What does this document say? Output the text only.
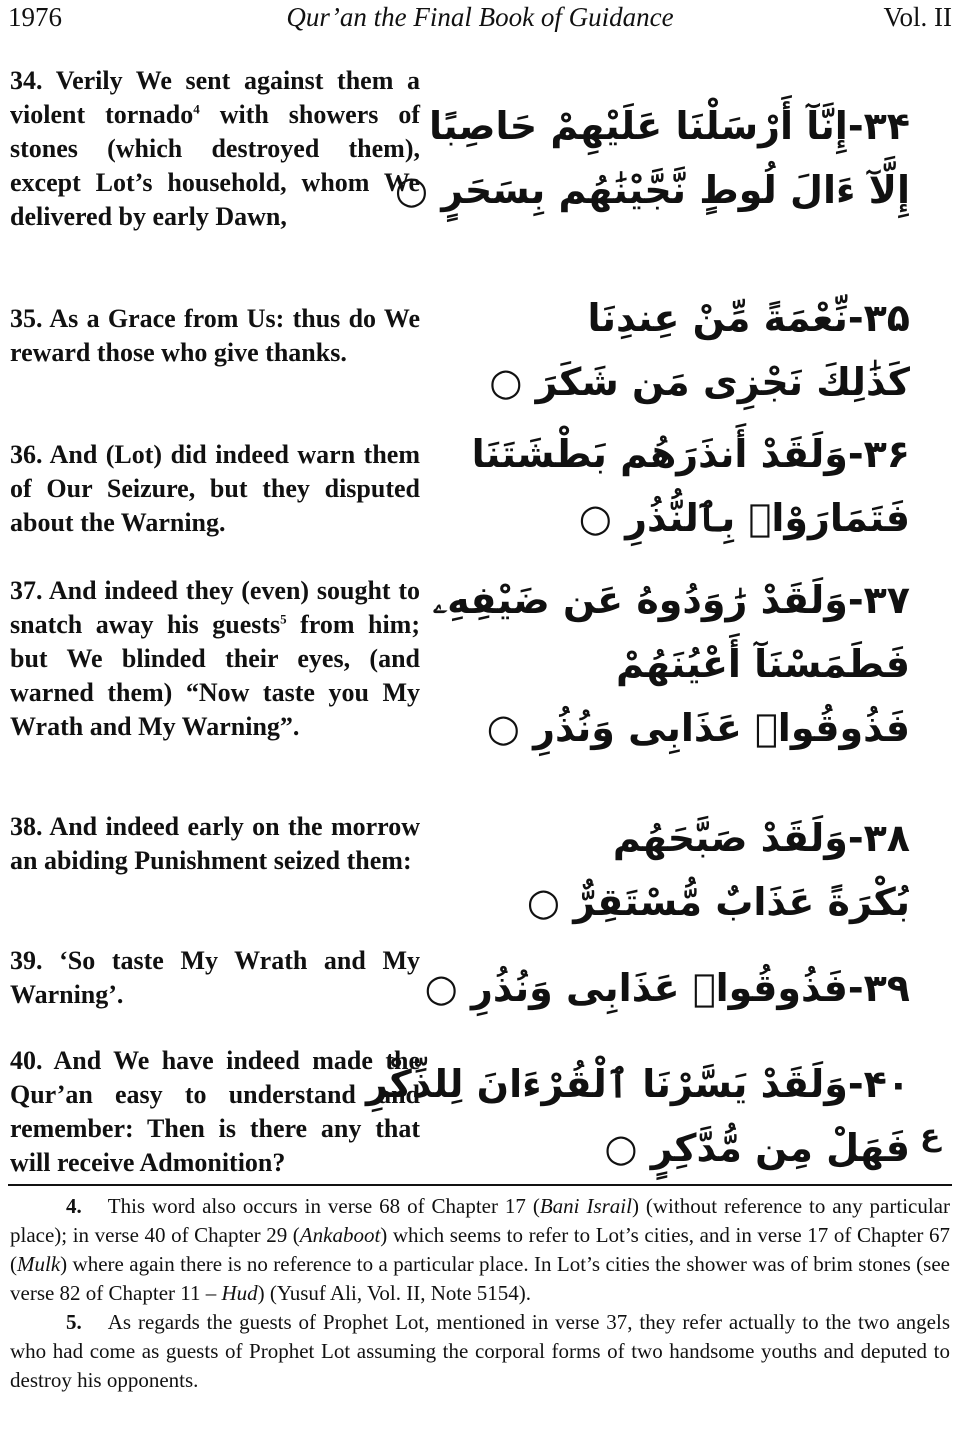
1976	Qur’an the Final Book of Guidance	Vol. II
34. Verily We sent against them a violent tornado$^4$ with showers of stones (which destroyed them), except Lot’s household, whom We delivered by early Dawn,
۳۴-إِنَّآ أَرْسَلْنَا عَلَيْهِمْ حَاصِبًا
إِلَّآ ءَالَ لُوطٍ نَّجَّيْنَٰهُم بِسَحَرٍ ○
35. As a Grace from Us: thus do We reward those who give thanks.
۳۵-نِّعْمَةً مِّنْ عِندِنَا
كَذَٰلِكَ نَجْزِى مَن شَكَرَ ○
36. And (Lot) did indeed warn them of Our Seizure, but they disputed about the Warning.
۳۶-وَلَقَدْ أَنذَرَهُم بَطْشَتَنَا
فَتَمَارَوْا۟ بِٱلنُّذُرِ ○
37. And indeed they (even) sought to snatch away his guests$^5$ from him; but We blinded their eyes, (and warned them) “Now taste you My Wrath and My Warning”.
۳۷-وَلَقَدْ رَٰوَدُوهُ عَن ضَيْفِهِۦ
فَطَمَسْنَآ أَعْيُنَهُمْ
فَذُوقُوا۟ عَذَابِى وَنُذُرِ ○
38. And indeed early on the morrow an abiding Punishment seized them:
۳۸-وَلَقَدْ صَبَّحَهُم
بُكْرَةً عَذَابٌ مُّسْتَقِرٌّ ○
39. ‘So taste My Wrath and My Warning’.	۳۹-فَذُوقُوا۟ عَذَابِى وَنُذُرِ ○
40. And We have indeed made the Qur’an easy to understand and remember: Then is there any that will receive Admonition?
۴۰-وَلَقَدْ يَسَّرْنَا ٱلْقُرْءَانَ لِلذِّكْرِ
فَهَلْ مِن مُّدَّكِرٍ ○ ع

4. This word also occurs in verse 68 of Chapter 17 (Bani Israil) (without reference to any particular place); in verse 40 of Chapter 29 (Ankaboot) which seems to refer to Lot’s cities, and in verse 17 of Chapter 67 (Mulk) where again there is no reference to a particular place. In Lot’s cities the shower was of brim stones (see verse 82 of Chapter 11 – Hud) (Yusuf Ali, Vol. II, Note 5154).

5. As regards the guests of Prophet Lot, mentioned in verse 37, they refer actually to the two angels who had come as guests of Prophet Lot assuming the corporal forms of two handsome youths and deputed to destroy his opponents.
